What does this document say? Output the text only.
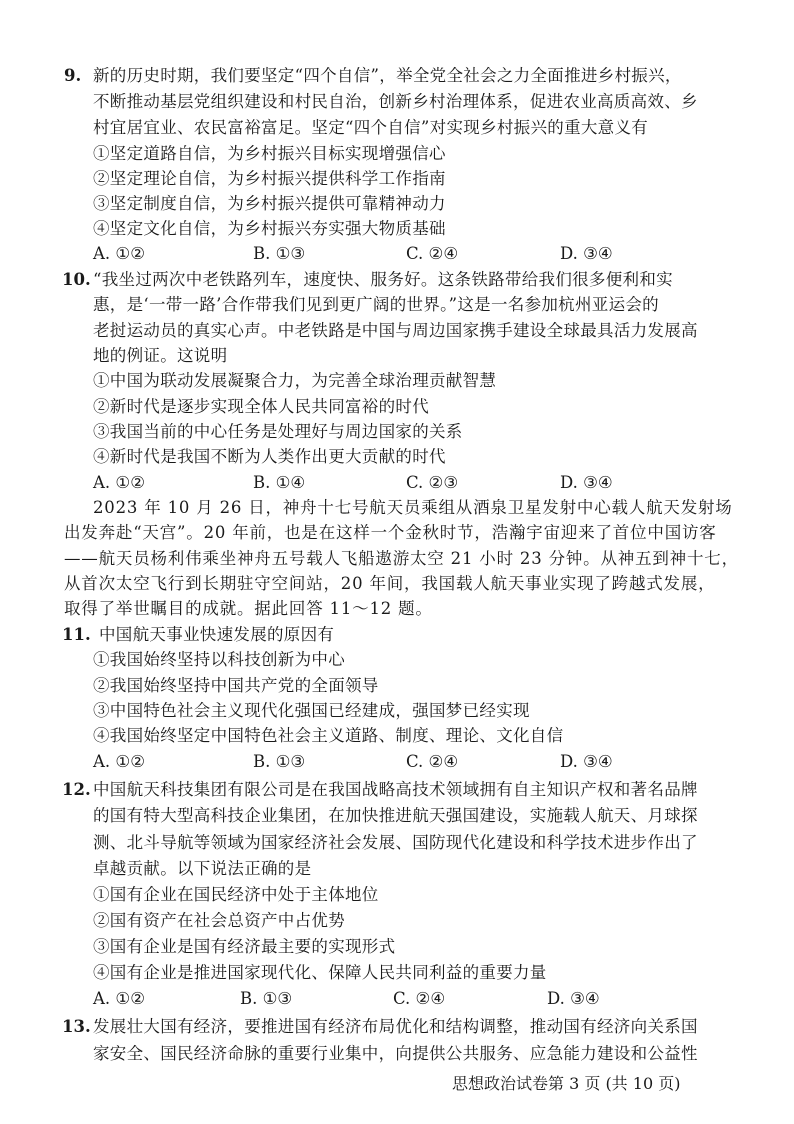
9. 新的历史时期，我们要坚定“四个自信”，举全党全社会之力全面推进乡村振兴，
不断推动基层党组织建设和村民自治，创新乡村治理体系，促进农业高质高效、乡
村宜居宜业、农民富裕富足。坚定“四个自信”对实现乡村振兴的重大意义有
①坚定道路自信，为乡村振兴目标实现增强信心
②坚定理论自信，为乡村振兴提供科学工作指南
③坚定制度自信，为乡村振兴提供可靠精神动力
④坚定文化自信，为乡村振兴夯实强大物质基础
A. ①②	B. ①③	C. ②④	D. ③④
10. “我坐过两次中老铁路列车，速度快、服务好。这条铁路带给我们很多便利和实
惠，是‘一带一路’合作带我们见到更广阔的世界。”这是一名参加杭州亚运会的
老挝运动员的真实心声。中老铁路是中国与周边国家携手建设全球最具活力发展高
地的例证。这说明
①中国为联动发展凝聚合力，为完善全球治理贡献智慧
②新时代是逐步实现全体人民共同富裕的时代
③我国当前的中心任务是处理好与周边国家的关系
④新时代是我国不断为人类作出更大贡献的时代
A. ①②	B. ①④	C. ②③	D. ③④
2023 年 10 月 26 日，神舟十七号航天员乘组从酒泉卫星发射中心载人航天发射场
出发奔赴“天宫”。20 年前，也是在这样一个金秋时节，浩瀚宇宙迎来了首位中国访客
——航天员杨利伟乘坐神舟五号载人飞船遨游太空 21 小时 23 分钟。从神五到神十七，
从首次太空飞行到长期驻守空间站，20 年间，我国载人航天事业实现了跨越式发展，
取得了举世瞩目的成就。据此回答 11～12 题。
11. 中国航天事业快速发展的原因有
①我国始终坚持以科技创新为中心
②我国始终坚持中国共产党的全面领导
③中国特色社会主义现代化强国已经建成，强国梦已经实现
④我国始终坚定中国特色社会主义道路、制度、理论、文化自信
A. ①②	B. ①③	C. ②④	D. ③④
12. 中国航天科技集团有限公司是在我国战略高技术领域拥有自主知识产权和著名品牌
的国有特大型高科技企业集团，在加快推进航天强国建设，实施载人航天、月球探
测、北斗导航等领域为国家经济社会发展、国防现代化建设和科学技术进步作出了
卓越贡献。以下说法正确的是
①国有企业在国民经济中处于主体地位
②国有资产在社会总资产中占优势
③国有企业是国有经济最主要的实现形式
④国有企业是推进国家现代化、保障人民共同利益的重要力量
A. ①②	B. ①③	C. ②④	D. ③④
13. 发展壮大国有经济，要推进国有经济布局优化和结构调整，推动国有经济向关系国
家安全、国民经济命脉的重要行业集中，向提供公共服务、应急能力建设和公益性
思想政治试卷第 3 页 (共 10 页)
